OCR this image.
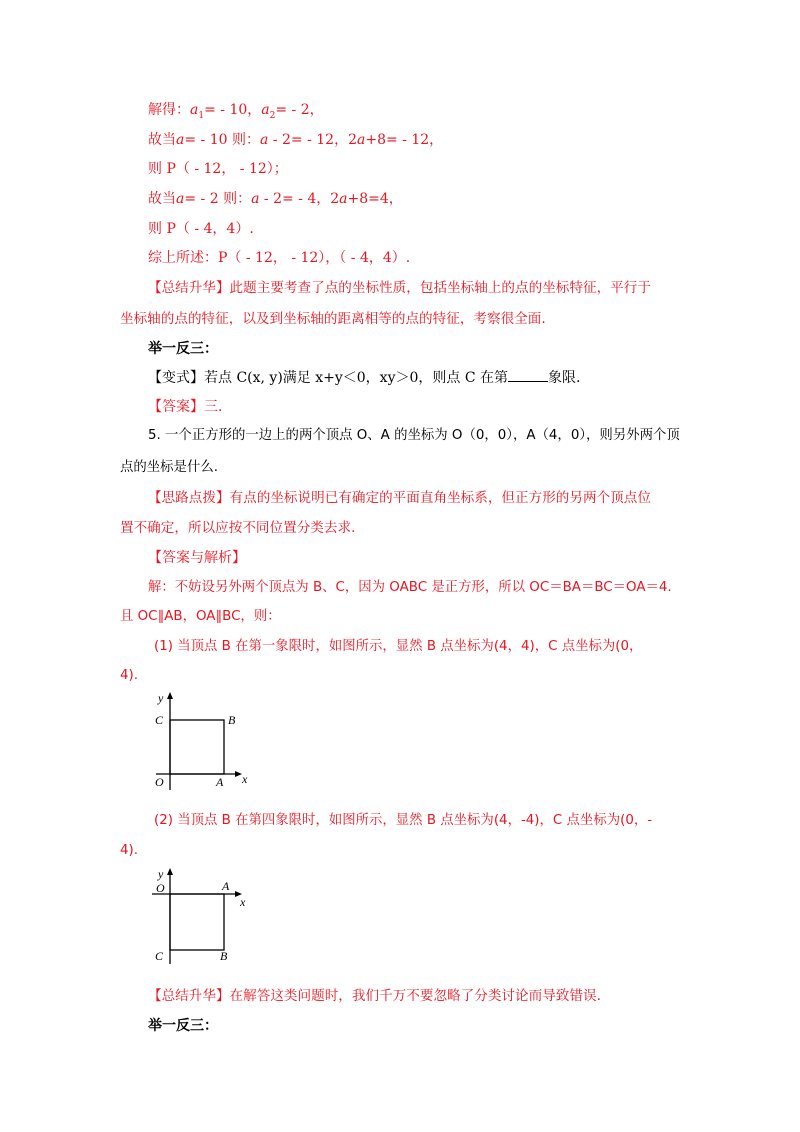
解得：$a_1= - 10$，$a_2= - 2$，
故当a= - 10 则：a - 2= - 12，2a+8= - 12，
则 P（ - 12， - 12）；
故当a= - 2 则：a - 2= - 4，2a+8=4，
则 P（ - 4，4）.
综上所述：P（ - 12， - 12），（ - 4，4）.
【总结升华】此题主要考查了点的坐标性质，包括坐标轴上的点的坐标特征，平行于
坐标轴的点的特征，以及到坐标轴的距离相等的点的特征，考察很全面.
举一反三：
【变式】若点 C(x, y)满足 x+y＜0，xy＞0，则点 C 在第	象限.
【答案】三.
5. 一个正方形的一边上的两个顶点 O、A 的坐标为 O（0，0），A（4，0），则另外两个顶
点的坐标是什么.
【思路点拨】有点的坐标说明已有确定的平面直角坐标系，但正方形的另两个顶点位
置不确定，所以应按不同位置分类去求.
【答案与解析】
解：不妨设另外两个顶点为 B、C，因为 OABC 是正方形，所以 OC＝BA＝BC＝OA＝4.
且 OC∥AB，OA∥BC，则：
(1) 当顶点 B 在第一象限时，如图所示，显然 B 点坐标为(4，4)，C 点坐标为(0，
4).
y
x
C	B
O	A
(2) 当顶点 B 在第四象限时，如图所示，显然 B 点坐标为(4，-4)，C 点坐标为(0，-
4).
y
x
O	A
C	B
【总结升华】在解答这类问题时，我们千万不要忽略了分类讨论而导致错误.
举一反三：
